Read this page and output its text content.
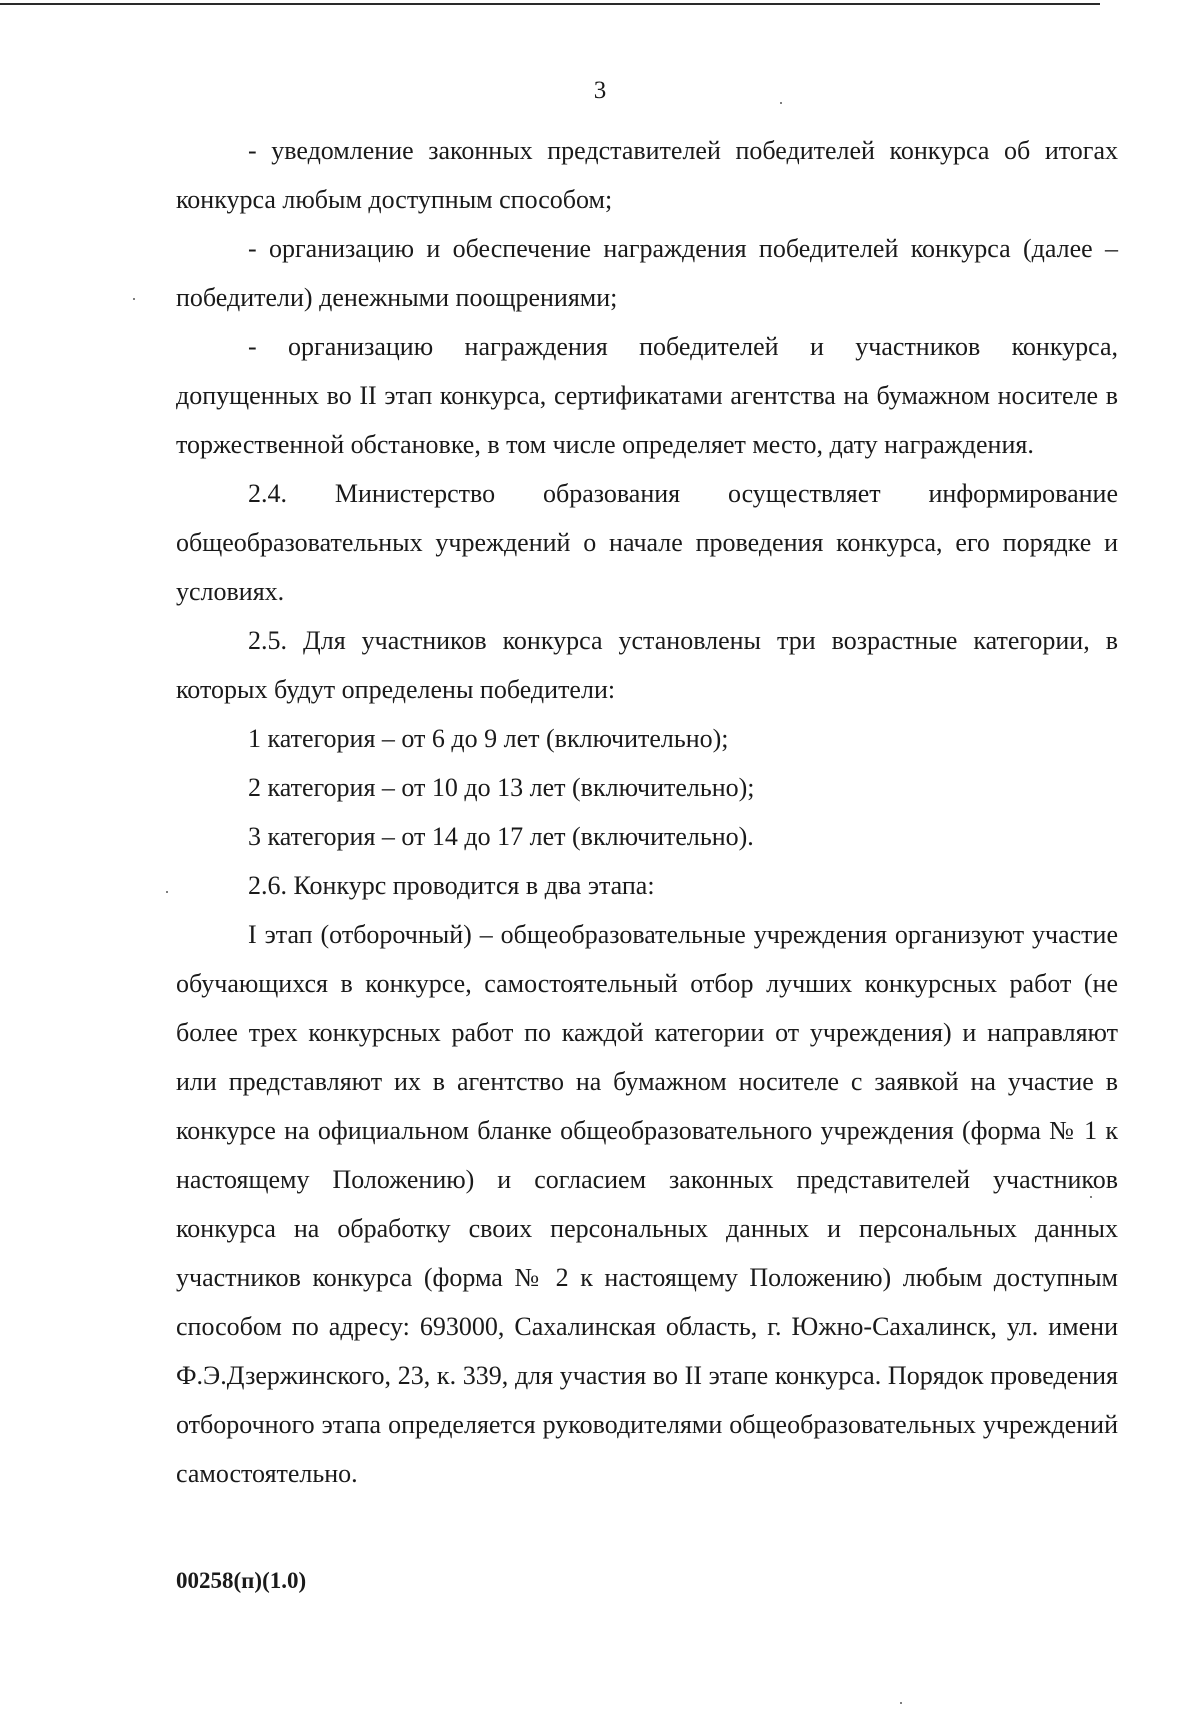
3

- уведомление законных представителей победителей конкурса об итогах конкурса любым доступным способом;

- организацию и обеспечение награждения победителей конкурса (далее – победители) денежными поощрениями;

- организацию награждения победителей и участников конкурса, допущенных во II этап конкурса, сертификатами агентства на бумажном носителе в торжественной обстановке, в том числе определяет место, дату награждения.

2.4. Министерство образования осуществляет информирование общеобразовательных учреждений о начале проведения конкурса, его порядке и условиях.

2.5. Для участников конкурса установлены три возрастные категории, в которых будут определены победители:

1 категория – от 6 до 9 лет (включительно);

2 категория – от 10 до 13 лет (включительно);

3 категория – от 14 до 17 лет (включительно).

2.6. Конкурс проводится в два этапа:

I этап (отборочный) – общеобразовательные учреждения организуют участие обучающихся в конкурсе, самостоятельный отбор лучших конкурсных работ (не более трех конкурсных работ по каждой категории от учреждения) и направляют или представляют их в агентство на бумажном носителе с заявкой на участие в конкурсе на официальном бланке общеобразовательного учреждения (форма № 1 к настоящему Положению) и согласием законных представителей участников конкурса на обработку своих персональных данных и персональных данных участников конкурса (форма № 2 к настоящему Положению) любым доступным способом по адресу: 693000, Сахалинская область, г. Южно-Сахалинск, ул. имени Ф.Э.Дзержинского, 23, к. 339, для участия во II этапе конкурса. Порядок проведения отборочного этапа определяется руководителями общеобразовательных учреждений самостоятельно.

00258(п)(1.0)
